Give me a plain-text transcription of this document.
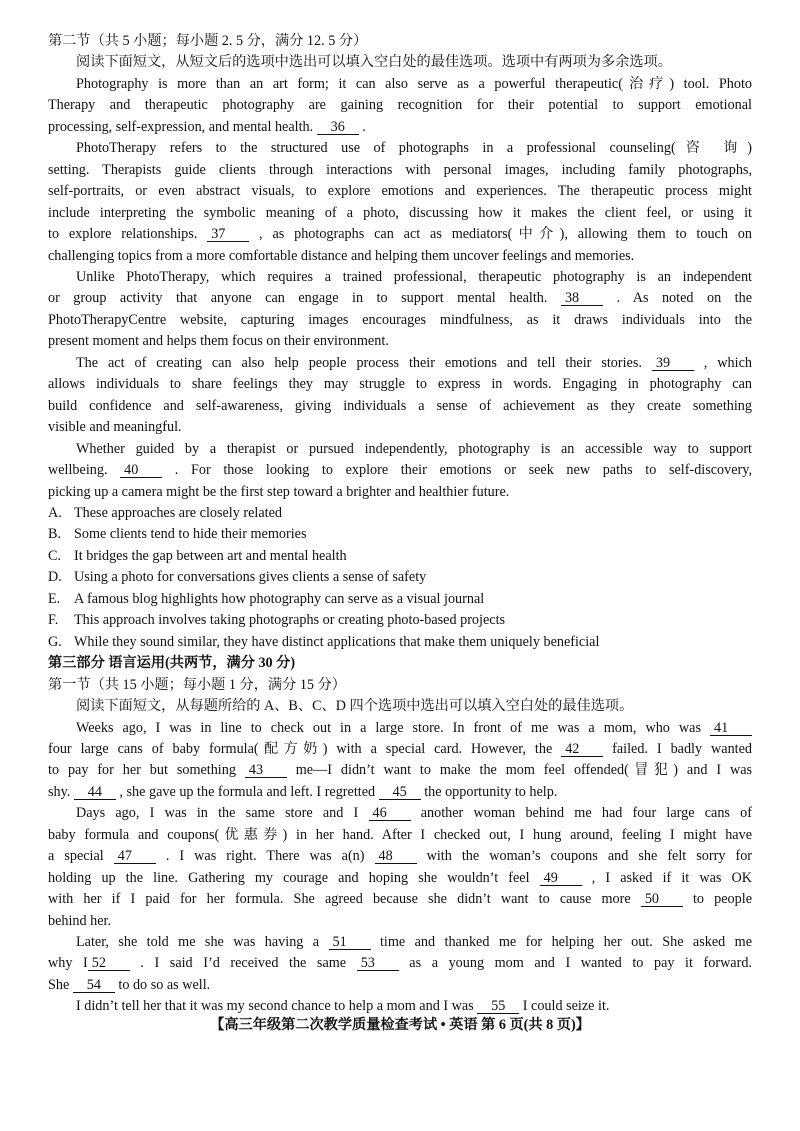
第二节（共 5 小题；每小题 2. 5 分，满分 12. 5 分）
阅读下面短文，从短文后的选项中选出可以填入空白处的最佳选项。选项中有两项为多余选项。
Photography is more than an art form; it can also serve as a powerful therapeutic(治疗) tool. Photo
Therapy and therapeutic photography are gaining recognition for their potential to support emotional
processing, self-expression, and mental health. 36 .
PhotoTherapy refers to the structured use of photographs in a professional counseling(咨 询)
setting. Therapists guide clients through interactions with personal images, including family photographs,
self-portraits, or even abstract visuals, to explore emotions and experiences. The therapeutic process might
include interpreting the symbolic meaning of a photo, discussing how it makes the client feel, or using it
to explore relationships. 37 , as photographs can act as mediators(中介), allowing them to touch on
challenging topics from a more comfortable distance and helping them uncover feelings and memories.
Unlike PhotoTherapy, which requires a trained professional, therapeutic photography is an independent
or group activity that anyone can engage in to support mental health. 38 . As noted on the
PhotoTherapyCentre website, capturing images encourages mindfulness, as it draws individuals into the
present moment and helps them focus on their environment.
The act of creating can also help people process their emotions and tell their stories. 39 , which
allows individuals to share feelings they may struggle to express in words. Engaging in photography can
build confidence and self-awareness, giving individuals a sense of achievement as they create something
visible and meaningful.
Whether guided by a therapist or pursued independently, photography is an accessible way to support
wellbeing. 40 . For those looking to explore their emotions or seek new paths to self-discovery,
picking up a camera might be the first step toward a brighter and healthier future.
A. These approaches are closely related
B. Some clients tend to hide their memories
C. It bridges the gap between art and mental health
D. Using a photo for conversations gives clients a sense of safety
E. A famous blog highlights how photography can serve as a visual journal
F. This approach involves taking photographs or creating photo-based projects
G. While they sound similar, they have distinct applications that make them uniquely beneficial
第三部分 语言运用(共两节，满分 30 分)
第一节（共 15 小题；每小题 1 分，满分 15 分）
阅读下面短文，从每题所给的 A、B、C、D 四个选项中选出可以填入空白处的最佳选项。
Weeks ago, I was in line to check out in a large store. In front of me was a mom, who was 41
four large cans of baby formula(配方奶) with a special card. However, the 42 failed. I badly wanted
to pay for her but something 43 me—I didn’t want to make the mom feel offended(冒犯) and I was
shy. 44 , she gave up the formula and left. I regretted 45 the opportunity to help.
Days ago, I was in the same store and I 46 another woman behind me had four large cans of
baby formula and coupons(优惠券) in her hand. After I checked out, I hung around, feeling I might have
a special 47 . I was right. There was a(n) 48 with the woman’s coupons and she felt sorry for
holding up the line. Gathering my courage and hoping she wouldn’t feel 49 , I asked if it was OK
with her if I paid for her formula. She agreed because she didn’t want to cause more 50 to people
behind her.
Later, she told me she was having a 51 time and thanked me for helping her out. She asked me
why I 52 . I said I’d received the same 53 as a young mom and I wanted to pay it forward.
She 54 to do so as well.
I didn’t tell her that it was my second chance to help a mom and I was 55 I could seize it.
【高三年级第二次教学质量检查考试 • 英语 第 6 页(共 8 页)】
